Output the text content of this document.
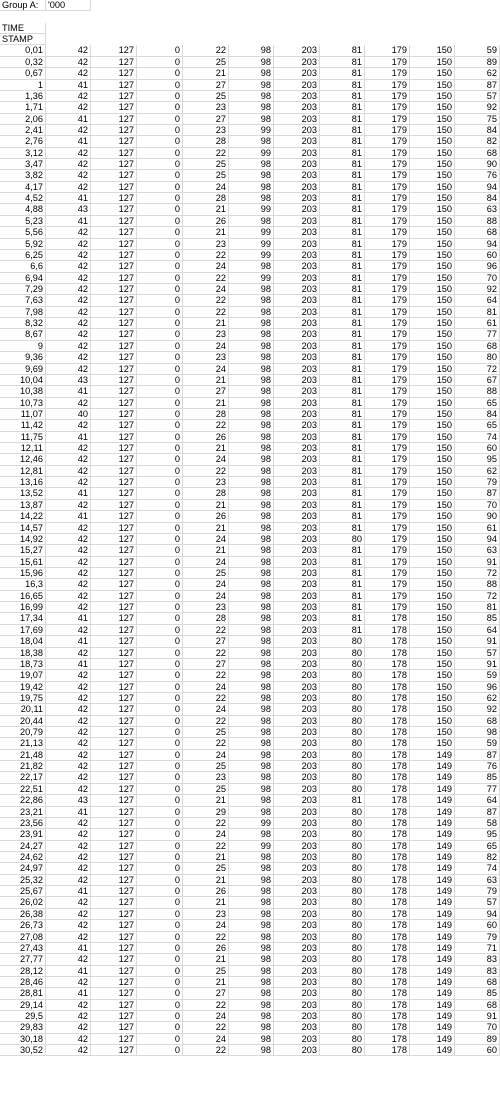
Group A:	'000
TIME
STAMP
0,01	42	127	0	22	98	203	81	179	150	59
0,32	42	127	0	25	98	203	81	179	150	89
0,67	42	127	0	21	98	203	81	179	150	62
1	41	127	0	27	98	203	81	179	150	87
1,36	42	127	0	25	98	203	81	179	150	57
1,71	42	127	0	23	98	203	81	179	150	92
2,06	41	127	0	27	98	203	81	179	150	75
2,41	42	127	0	23	99	203	81	179	150	84
2,76	41	127	0	28	98	203	81	179	150	82
3,12	42	127	0	22	99	203	81	179	150	68
3,47	42	127	0	25	98	203	81	179	150	90
3,82	42	127	0	25	98	203	81	179	150	76
4,17	42	127	0	24	98	203	81	179	150	94
4,52	41	127	0	28	98	203	81	179	150	84
4,88	43	127	0	21	99	203	81	179	150	63
5,23	41	127	0	26	98	203	81	179	150	88
5,56	42	127	0	21	99	203	81	179	150	68
5,92	42	127	0	23	99	203	81	179	150	94
6,25	42	127	0	22	99	203	81	179	150	60
6,6	42	127	0	24	98	203	81	179	150	96
6,94	42	127	0	22	99	203	81	179	150	70
7,29	42	127	0	24	98	203	81	179	150	92
7,63	42	127	0	22	98	203	81	179	150	64
7,98	42	127	0	22	98	203	81	179	150	81
8,32	42	127	0	21	98	203	81	179	150	61
8,67	42	127	0	23	98	203	81	179	150	77
9	42	127	0	24	98	203	81	179	150	68
9,36	42	127	0	23	98	203	81	179	150	80
9,69	42	127	0	24	98	203	81	179	150	72
10,04	43	127	0	21	98	203	81	179	150	67
10,38	41	127	0	27	98	203	81	179	150	88
10,73	42	127	0	21	98	203	81	179	150	65
11,07	40	127	0	28	98	203	81	179	150	84
11,42	42	127	0	22	98	203	81	179	150	65
11,75	41	127	0	26	98	203	81	179	150	74
12,11	42	127	0	21	98	203	81	179	150	60
12,46	42	127	0	24	98	203	81	179	150	95
12,81	42	127	0	22	98	203	81	179	150	62
13,16	42	127	0	23	98	203	81	179	150	79
13,52	41	127	0	28	98	203	81	179	150	87
13,87	42	127	0	21	98	203	81	179	150	70
14,22	41	127	0	26	98	203	81	179	150	90
14,57	42	127	0	21	98	203	81	179	150	61
14,92	42	127	0	24	98	203	80	179	150	94
15,27	42	127	0	21	98	203	81	179	150	63
15,61	42	127	0	24	98	203	81	179	150	91
15,96	42	127	0	25	98	203	81	179	150	72
16,3	42	127	0	24	98	203	81	179	150	88
16,65	42	127	0	24	98	203	81	179	150	72
16,99	42	127	0	23	98	203	81	179	150	81
17,34	41	127	0	28	98	203	81	178	150	85
17,69	42	127	0	22	98	203	81	178	150	64
18,04	41	127	0	27	98	203	80	178	150	91
18,38	42	127	0	22	98	203	80	178	150	57
18,73	41	127	0	27	98	203	80	178	150	91
19,07	42	127	0	22	98	203	80	178	150	59
19,42	42	127	0	24	98	203	80	178	150	96
19,75	42	127	0	22	98	203	80	178	150	62
20,11	42	127	0	24	98	203	80	178	150	92
20,44	42	127	0	22	98	203	80	178	150	68
20,79	42	127	0	25	98	203	80	178	150	98
21,13	42	127	0	22	98	203	80	178	150	59
21,48	42	127	0	24	98	203	80	178	149	87
21,82	42	127	0	25	98	203	80	178	149	76
22,17	42	127	0	23	98	203	80	178	149	85
22,51	42	127	0	25	98	203	80	178	149	77
22,86	43	127	0	21	98	203	81	178	149	64
23,21	41	127	0	29	98	203	80	178	149	87
23,56	42	127	0	22	99	203	80	178	149	58
23,91	42	127	0	24	98	203	80	178	149	95
24,27	42	127	0	22	99	203	80	178	149	65
24,62	42	127	0	21	98	203	80	178	149	82
24,97	42	127	0	25	98	203	80	178	149	74
25,32	42	127	0	21	98	203	80	178	149	63
25,67	41	127	0	26	98	203	80	178	149	79
26,02	42	127	0	21	98	203	80	178	149	57
26,38	42	127	0	23	98	203	80	178	149	94
26,73	42	127	0	24	98	203	80	178	149	60
27,08	42	127	0	22	98	203	80	178	149	79
27,43	41	127	0	26	98	203	80	178	149	71
27,77	42	127	0	21	98	203	80	178	149	83
28,12	41	127	0	25	98	203	80	178	149	83
28,46	42	127	0	21	98	203	80	178	149	68
28,81	41	127	0	27	98	203	80	178	149	85
29,14	42	127	0	22	98	203	80	178	149	68
29,5	42	127	0	24	98	203	80	178	149	91
29,83	42	127	0	22	98	203	80	178	149	70
30,18	42	127	0	24	98	203	80	178	149	89
30,52	42	127	0	22	98	203	80	178	149	60
